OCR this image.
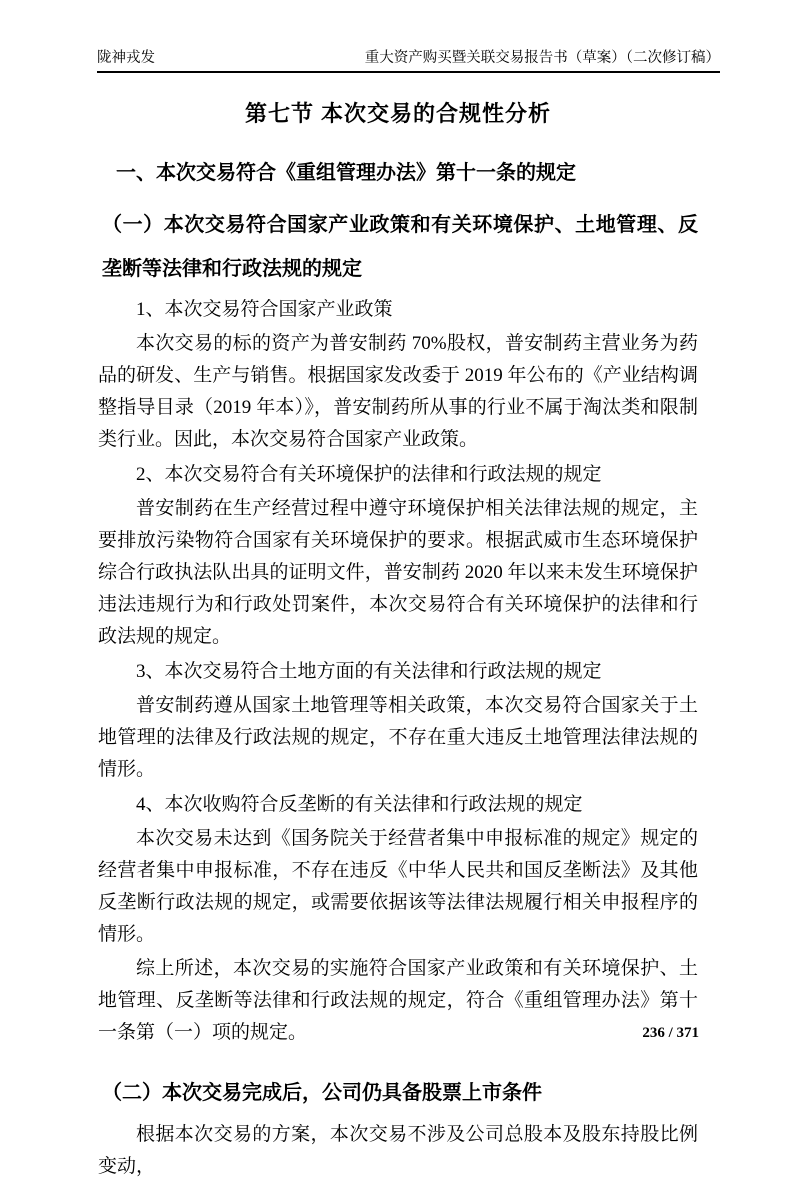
陇神戎发	重大资产购买暨关联交易报告书（草案）（二次修订稿）
第七节 本次交易的合规性分析
一、本次交易符合《重组管理办法》第十一条的规定
（一）本次交易符合国家产业政策和有关环境保护、土地管理、反垄断等法律和行政法规的规定
1、本次交易符合国家产业政策
本次交易的标的资产为普安制药 70%股权，普安制药主营业务为药品的研发、生产与销售。根据国家发改委于 2019 年公布的《产业结构调整指导目录（2019 年本）》，普安制药所从事的行业不属于淘汰类和限制类行业。因此，本次交易符合国家产业政策。
2、本次交易符合有关环境保护的法律和行政法规的规定
普安制药在生产经营过程中遵守环境保护相关法律法规的规定，主要排放污染物符合国家有关环境保护的要求。根据武威市生态环境保护综合行政执法队出具的证明文件，普安制药 2020 年以来未发生环境保护违法违规行为和行政处罚案件，本次交易符合有关环境保护的法律和行政法规的规定。
3、本次交易符合土地方面的有关法律和行政法规的规定
普安制药遵从国家土地管理等相关政策，本次交易符合国家关于土地管理的法律及行政法规的规定，不存在重大违反土地管理法律法规的情形。
4、本次收购符合反垄断的有关法律和行政法规的规定
本次交易未达到《国务院关于经营者集中申报标准的规定》规定的经营者集中申报标准，不存在违反《中华人民共和国反垄断法》及其他反垄断行政法规的规定，或需要依据该等法律法规履行相关申报程序的情形。
综上所述，本次交易的实施符合国家产业政策和有关环境保护、土地管理、反垄断等法律和行政法规的规定，符合《重组管理办法》第十一条第（一）项的规定。
（二）本次交易完成后，公司仍具备股票上市条件
根据本次交易的方案，本次交易不涉及公司总股本及股东持股比例变动，
236 / 371
